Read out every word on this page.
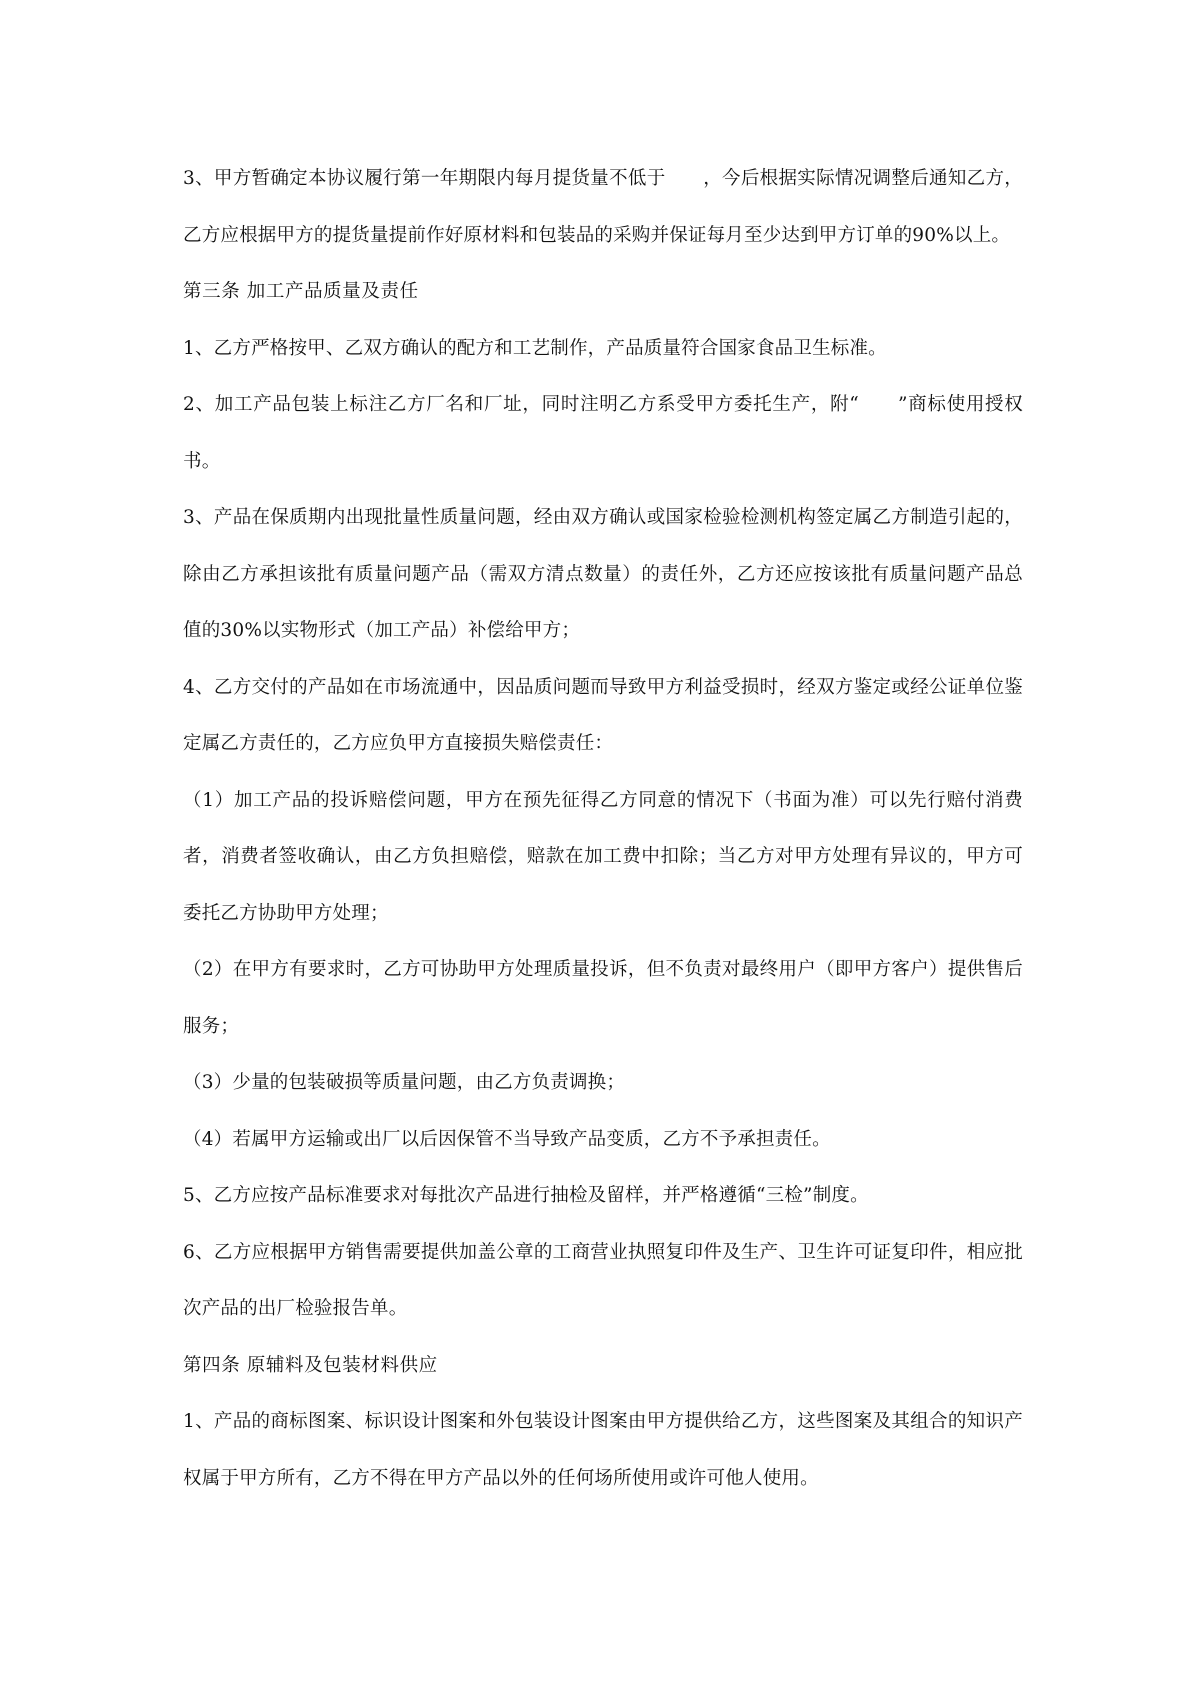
3、甲方暂确定本协议履行第一年期限内每月提货量不低于　　，今后根据实际情况调整后通知乙方，乙方应根据甲方的提货量提前作好原材料和包装品的采购并保证每月至少达到甲方订单的90%以上。

第三条 加工产品质量及责任

1、乙方严格按甲、乙双方确认的配方和工艺制作，产品质量符合国家食品卫生标准。

2、加工产品包装上标注乙方厂名和厂址，同时注明乙方系受甲方委托生产，附“　　”商标使用授权书。

3、产品在保质期内出现批量性质量问题，经由双方确认或国家检验检测机构签定属乙方制造引起的，除由乙方承担该批有质量问题产品（需双方清点数量）的责任外，乙方还应按该批有质量问题产品总值的30%以实物形式（加工产品）补偿给甲方；

4、乙方交付的产品如在市场流通中，因品质问题而导致甲方利益受损时，经双方鉴定或经公证单位鉴定属乙方责任的，乙方应负甲方直接损失赔偿责任：

（1）加工产品的投诉赔偿问题，甲方在预先征得乙方同意的情况下（书面为准）可以先行赔付消费者，消费者签收确认，由乙方负担赔偿，赔款在加工费中扣除；当乙方对甲方处理有异议的，甲方可委托乙方协助甲方处理；

（2）在甲方有要求时，乙方可协助甲方处理质量投诉，但不负责对最终用户（即甲方客户）提供售后服务；

（3）少量的包装破损等质量问题，由乙方负责调换；

（4）若属甲方运输或出厂以后因保管不当导致产品变质，乙方不予承担责任。

5、乙方应按产品标准要求对每批次产品进行抽检及留样，并严格遵循“三检”制度。

6、乙方应根据甲方销售需要提供加盖公章的工商营业执照复印件及生产、卫生许可证复印件，相应批次产品的出厂检验报告单。

第四条 原辅料及包装材料供应

1、产品的商标图案、标识设计图案和外包装设计图案由甲方提供给乙方，这些图案及其组合的知识产权属于甲方所有，乙方不得在甲方产品以外的任何场所使用或许可他人使用。
